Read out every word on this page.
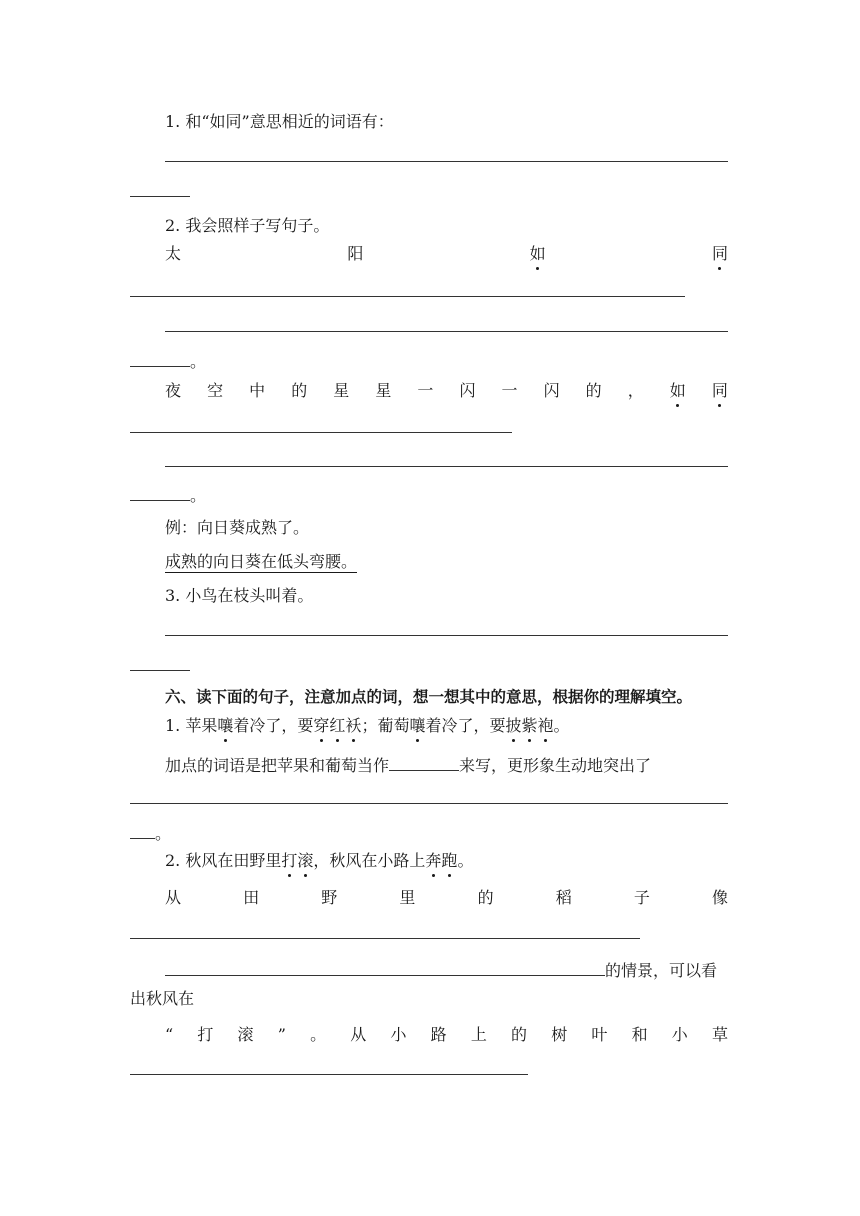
1. 和“如同”意思相近的词语有：
2. 我会照样子写句子。
太	阳	如	同
。
夜 空 中 的 星 星 一 闪 一 闪 的 ， 如 同
。
例：向日葵成熟了。
成熟的向日葵在低头弯腰。
3. 小鸟在枝头叫着。
六、读下面的句子，注意加点的词，想一想其中的意思，根据你的理解填空。
1. 苹果嚷着冷了，要穿红袄；葡萄嚷着冷了，要披紫袍。
加点的词语是把苹果和葡萄当作	来写，更形象生动地突出了
。
2. 秋风在田野里打滚，秋风在小路上奔跑。
从	田	野	里	的	稻	子	像
的情景，可以看
出秋风在
“ 打 滚 ” 。 从 小 路 上 的 树 叶 和 小 草
